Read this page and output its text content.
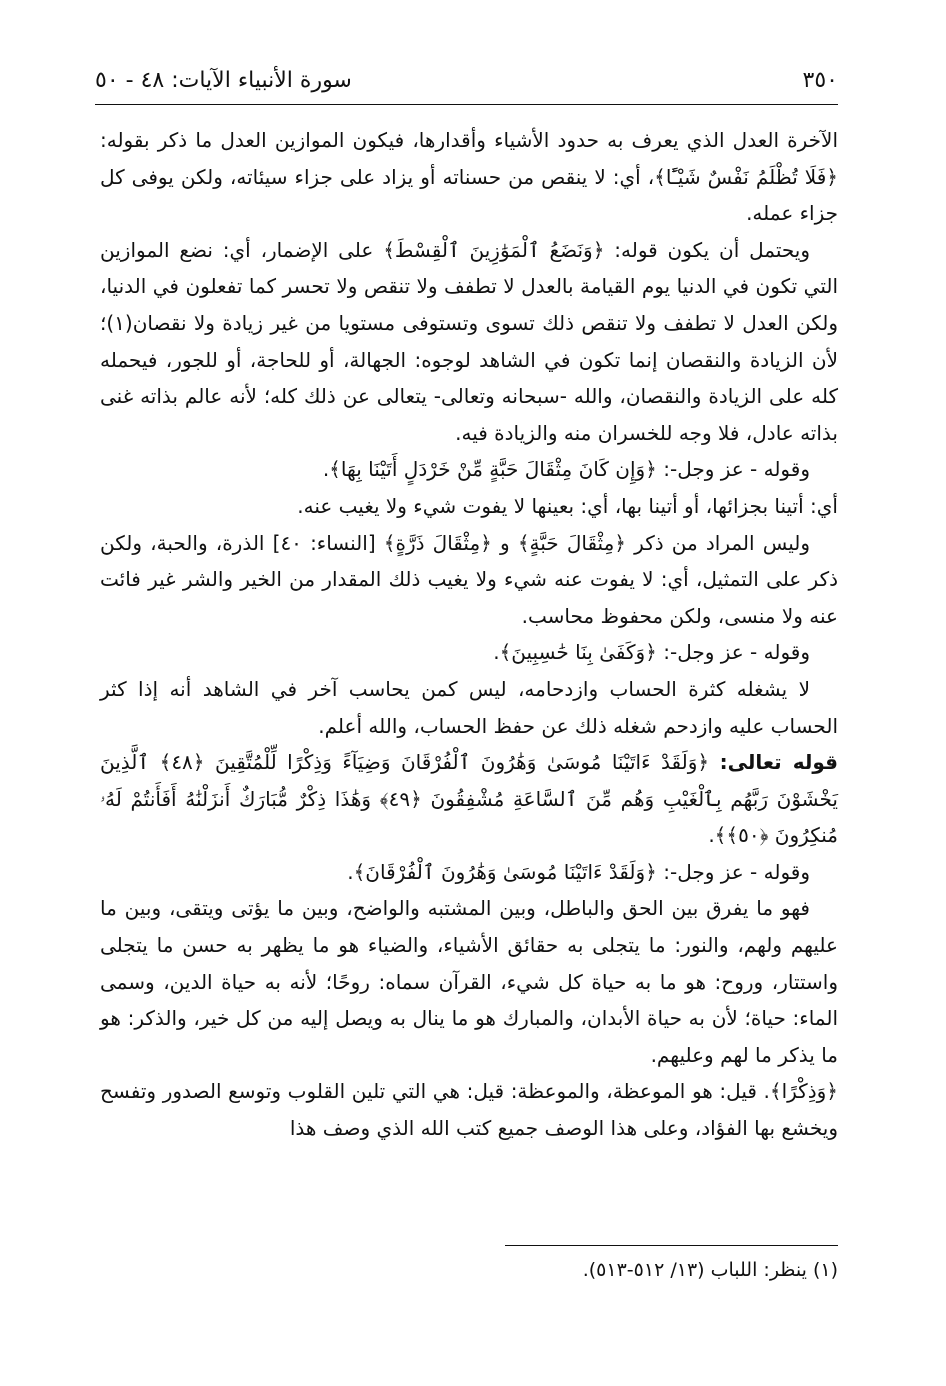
٣٥٠
سورة الأنبياء الآيات: ٤٨ - ٥٠

الآخرة العدل الذي يعرف به حدود الأشياء وأقدارها، فيكون الموازين العدل ما ذكر بقوله: ﴿فَلَا تُظْلَمُ نَفْسٌ شَيْـًٔا﴾، أي: لا ينقص من حسناته أو يزاد على جزاء سيئاته، ولكن يوفى كل جزاء عمله.

ويحتمل أن يكون قوله: ﴿وَنَضَعُ ٱلْمَوَٰزِينَ ٱلْقِسْطَ﴾ على الإضمار، أي: نضع الموازين التي تكون في الدنيا يوم القيامة بالعدل لا تطفف ولا تنقص ولا تحسر كما تفعلون في الدنيا، ولكن العدل لا تطفف ولا تنقص ذلك تسوى وتستوفى مستويا من غير زيادة ولا نقصان(١)؛ لأن الزيادة والنقصان إنما تكون في الشاهد لوجوه: الجهالة، أو للحاجة، أو للجور، فيحمله كله على الزيادة والنقصان، والله -سبحانه وتعالى- يتعالى عن ذلك كله؛ لأنه عالم بذاته غنى بذاته عادل، فلا وجه للخسران منه والزيادة فيه.

وقوله - عز وجل-: ﴿وَإِن كَانَ مِثْقَالَ حَبَّةٍ مِّنْ خَرْدَلٍ أَتَيْنَا بِهَا﴾.

أي: أتينا بجزائها، أو أتينا بها، أي: بعينها لا يفوت شيء ولا يغيب عنه.

وليس المراد من ذكر ﴿مِثْقَالَ حَبَّةٍ﴾ و ﴿مِثْقَالَ ذَرَّةٍ﴾ [النساء: ٤٠] الذرة، والحبة، ولكن ذكر على التمثيل، أي: لا يفوت عنه شيء ولا يغيب ذلك المقدار من الخير والشر غير فائت عنه ولا منسى، ولكن محفوظ محاسب.

وقوله - عز وجل-: ﴿وَكَفَىٰ بِنَا حَٰسِبِينَ﴾.

لا يشغله كثرة الحساب وازدحامه، ليس كمن يحاسب آخر في الشاهد أنه إذا كثر الحساب عليه وازدحم شغله ذلك عن حفظ الحساب، والله أعلم.

قوله تعالى: ﴿وَلَقَدْ ءَاتَيْنَا مُوسَىٰ وَهَٰرُونَ ٱلْفُرْقَانَ وَضِيَآءً وَذِكْرًا لِّلْمُتَّقِينَ ﴿٤٨﴾ ٱلَّذِينَ يَخْشَوْنَ رَبَّهُم بِٱلْغَيْبِ وَهُم مِّنَ ٱلسَّاعَةِ مُشْفِقُونَ ﴿٤٩﴾ وَهَٰذَا ذِكْرٌ مُّبَارَكٌ أَنزَلْنَٰهُ أَفَأَنتُمْ لَهُۥ مُنكِرُونَ ﴿٥٠﴾﴾.

وقوله - عز وجل-: ﴿وَلَقَدْ ءَاتَيْنَا مُوسَىٰ وَهَٰرُونَ ٱلْفُرْقَانَ﴾.

فهو ما يفرق بين الحق والباطل، وبين المشتبه والواضح، وبين ما يؤتى ويتقى، وبين ما عليهم ولهم، والنور: ما يتجلى به حقائق الأشياء، والضياء هو ما يظهر به حسن ما يتجلى واستتار، وروح: هو ما به حياة كل شيء، القرآن سماه: روحًا؛ لأنه به حياة الدين، وسمى الماء: حياة؛ لأن به حياة الأبدان، والمبارك هو ما ينال به ويصل إليه من كل خير، والذكر: هو ما يذكر ما لهم وعليهم.

﴿وَذِكْرًا﴾. قيل: هو الموعظة، والموعظة: قيل: هي التي تلين القلوب وتوسع الصدور وتفسح ويخشع بها الفؤاد، وعلى هذا الوصف جميع كتب الله الذي وصف هذا

(١) ينظر: اللباب (١٣/ ٥١٢-٥١٣).
